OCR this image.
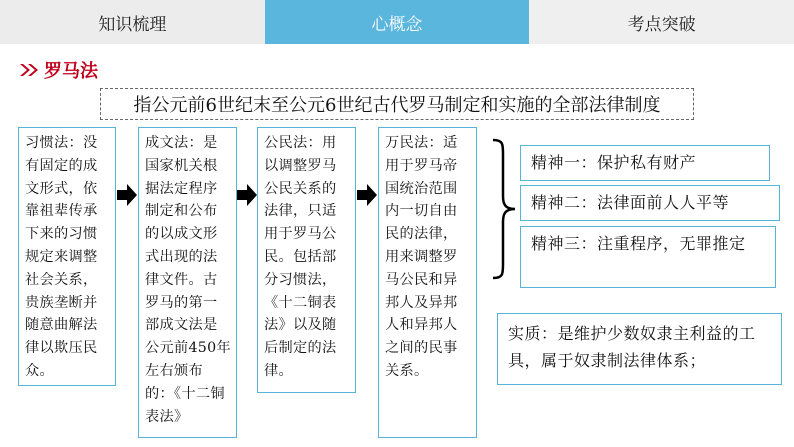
知识梳理	心概念	考点突破
罗马法
指公元前6世纪末至公元6世纪古代罗马制定和实施的全部法律制度
习惯法：没有固定的成文形式，依靠祖辈传承下来的习惯规定来调整社会关系，贵族垄断并随意曲解法律以欺压民众。
成文法：是国家机关根据法定程序制定和公布的以成文形式出现的法律文件。古罗马的第一部成文法是公元前450年左右颁布的：《十二铜表法》
公民法：用以调整罗马公民关系的法律，只适用于罗马公民。包括部分习惯法，《十二铜表法》以及随后制定的法律。
万民法：适用于罗马帝国统治范围内一切自由民的法律，用来调整罗马公民和异邦人及异邦人和异邦人之间的民事关系。
精神一：保护私有财产
精神二：法律面前人人平等
精神三：注重程序，无罪推定
实质：是维护少数奴隶主利益的工具，属于奴隶制法律体系；
